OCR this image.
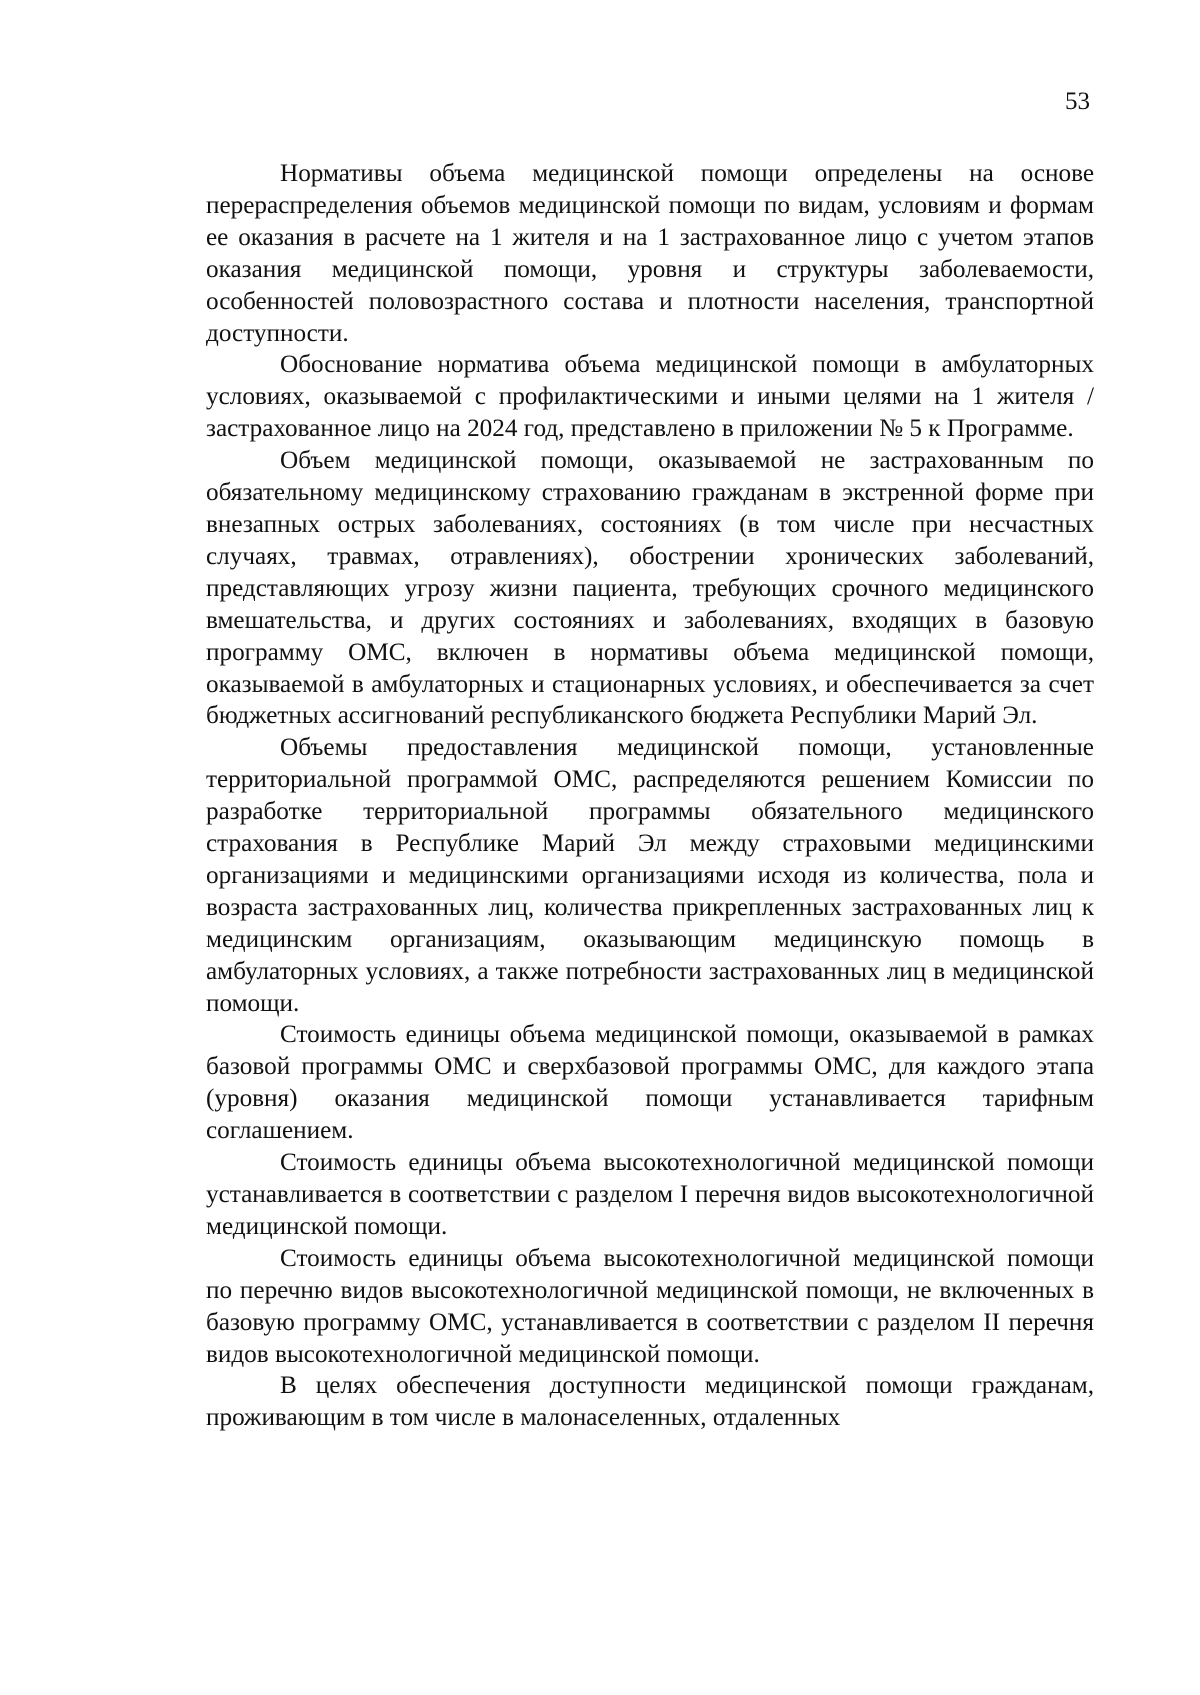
53

Нормативы объема медицинской помощи определены на основе перераспределения объемов медицинской помощи по видам, условиям и формам ее оказания в расчете на 1 жителя и на 1 застрахованное лицо с учетом этапов оказания медицинской помощи, уровня и структуры заболеваемости, особенностей половозрастного состава и плотности населения, транспортной доступности.

Обоснование норматива объема медицинской помощи в амбулаторных условиях, оказываемой с профилактическими и иными целями на 1 жителя / застрахованное лицо на 2024 год, представлено в приложении № 5 к Программе.

Объем медицинской помощи, оказываемой не застрахованным по обязательному медицинскому страхованию гражданам в экстренной форме при внезапных острых заболеваниях, состояниях (в том числе при несчастных случаях, травмах, отравлениях), обострении хронических заболеваний, представляющих угрозу жизни пациента, требующих срочного медицинского вмешательства, и других состояниях и заболеваниях, входящих в базовую программу ОМС, включен в нормативы объема медицинской помощи, оказываемой в амбулаторных и стационарных условиях, и обеспечивается за счет бюджетных ассигнований республиканского бюджета Республики Марий Эл.

Объемы предоставления медицинской помощи, установленные территориальной программой ОМС, распределяются решением Комиссии по разработке территориальной программы обязательного медицинского страхования в Республике Марий Эл между страховыми медицинскими организациями и медицинскими организациями исходя из количества, пола и возраста застрахованных лиц, количества прикрепленных застрахованных лиц к медицинским организациям, оказывающим медицинскую помощь в амбулаторных условиях, а также потребности застрахованных лиц в медицинской помощи.

Стоимость единицы объема медицинской помощи, оказываемой в рамках базовой программы ОМС и сверхбазовой программы ОМС, для каждого этапа (уровня) оказания медицинской помощи устанавливается тарифным соглашением.

Стоимость единицы объема высокотехнологичной медицинской помощи устанавливается в соответствии с разделом I перечня видов высокотехнологичной медицинской помощи.

Стоимость единицы объема высокотехнологичной медицинской помощи по перечню видов высокотехнологичной медицинской помощи, не включенных в базовую программу ОМС, устанавливается в соответствии с разделом II перечня видов высокотехнологичной медицинской помощи.

В целях обеспечения доступности медицинской помощи гражданам, проживающим в том числе в малонаселенных, отдаленных
